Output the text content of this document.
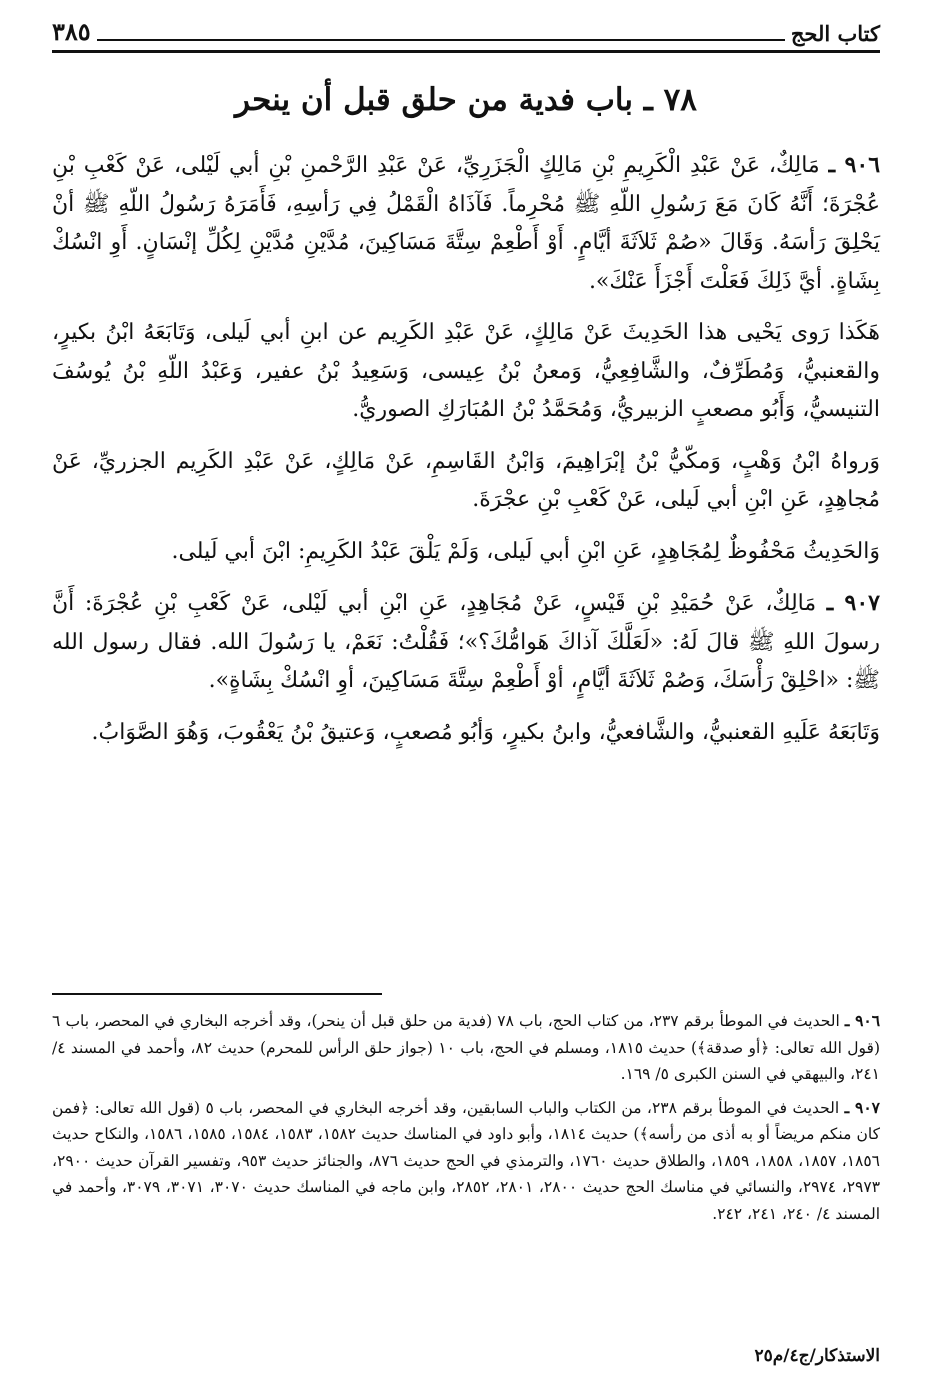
كتاب الحج
٣٨٥
٧٨ ـ باب فدية من حلق قبل أن ينحر

٩٠٦ ـ مَالِكٌ، عَنْ عَبْدِ الْكَرِيمِ بْنِ مَالِكٍ الْجَزَرِيِّ، عَنْ عَبْدِ الرَّحْمنِ بْنِ أبي لَيْلى، عَنْ كَعْبِ بْنِ عُجْرَةَ؛ أَنَّهُ كَانَ مَعَ رَسُولِ اللّهِ ﷺ مُحْرِماً. فَآذَاهُ الْقَمْلُ فِي رَأسِهِ، فَأَمَرَهُ رَسُولُ اللّهِ ﷺ أنْ يَحْلِقَ رَأسَهُ. وَقَالَ «صُمْ ثَلاَثَةَ أيَّامٍ. أَوْ أَطْعِمْ سِتَّةَ مَسَاكِينَ، مُدَّيْنِ مُدَّيْنِ لِكُلِّ إنْسَانٍ. أَوِ انْسُكْ بِشَاةٍ. أيَّ ذَلِكَ فَعَلْتَ أَجْزَأَ عَنْكَ».

هَكَذا رَوى يَحْيى هذا الحَدِيثَ عَنْ مَالِكٍ، عَنْ عَبْدِ الكَرِيم عن ابنِ أبي لَيلى، وَتَابَعَهُ ابْنُ بكيرٍ، والقعنبيُّ، وَمُطَرِّفٌ، والشَّافِعِيُّ، وَمعنُ بْنُ عِيسى، وَسَعِيدُ بْنُ عفير، وَعَبْدُ اللّهِ بْنُ يُوسُفَ التنيسيُّ، وَأَبُو مصعبٍ الزبيريُّ، وَمُحَمَّدُ بْنُ المُبَارَكِ الصوريُّ.

وَرواهُ ابْنُ وَهْبٍ، وَمكّيُّ بْنُ إبْرَاهِيمَ، وَابْنُ القَاسِمِ، عَنْ مَالِكٍ، عَنْ عَبْدِ الكَرِيم الجزريِّ، عَنْ مُجاهِدٍ، عَنِ ابْنِ أبي لَيلى، عَنْ كَعْبِ بْنِ عجْرَةَ.

وَالحَدِيثُ مَحْفُوظٌ لِمُجَاهِدٍ، عَنِ ابْنِ أبي لَيلى، وَلَمْ يَلْقَ عَبْدُ الكَرِيمِ: ابْنَ أبي لَيلى.

٩٠٧ ـ مَالِكٌ، عَنْ حُمَيْدِ بْنِ قَيْسٍ، عَنْ مُجَاهِدٍ، عَنِ ابْنِ أبي لَيْلى، عَنْ كَعْبِ بْنِ عُجْرَةَ: أَنَّ رسولَ اللهِ ﷺ قالَ لَهُ: «لَعَلَّكَ آذاكَ هَوامُّكَ؟»؛ فَقُلْتُ: نَعَمْ، يا رَسُولَ الله. فقال رسول الله ﷺ: «احْلِقْ رَأْسَكَ، وَصُمْ ثَلاَثَةَ أيَّامٍ، أوْ أَطْعِمْ سِتَّةَ مَسَاكِينَ، أوِ انْسُكْ بِشَاةٍ».

وَتَابَعَهُ عَلَيهِ القعنبيُّ، والشَّافعيُّ، وابنُ بكيرٍ، وَأبُو مُصعبٍ، وَعتيقُ بْنُ يَعْقُوبَ، وَهُوَ الصَّوَابُ.

٩٠٦ ـ الحديث في الموطأ برقم ٢٣٧، من كتاب الحج، باب ٧٨ (فدية من حلق قبل أن ينحر)، وقد أخرجه البخاري في المحصر، باب ٦ (قول الله تعالى: ﴿أو صدقة﴾) حديث ١٨١٥، ومسلم في الحج، باب ١٠ (جواز حلق الرأس للمحرم) حديث ٨٢، وأحمد في المسند ٤/ ٢٤١، والبيهقي في السنن الكبرى ٥/ ١٦٩.

٩٠٧ ـ الحديث في الموطأ برقم ٢٣٨، من الكتاب والباب السابقين، وقد أخرجه البخاري في المحصر، باب ٥ (قول الله تعالى: ﴿فمن كان منكم مريضاً أو به أذى من رأسه﴾) حديث ١٨١٤، وأبو داود في المناسك حديث ١٥٨٢، ١٥٨٣، ١٥٨٤، ١٥٨٥، ١٥٨٦، والنكاح حديث ١٨٥٦، ١٨٥٧، ١٨٥٨، ١٨٥٩، والطلاق حديث ١٧٦٠، والترمذي في الحج حديث ٨٧٦، والجنائز حديث ٩٥٣، وتفسير القرآن حديث ٢٩٠٠، ٢٩٧٣، ٢٩٧٤، والنسائي في مناسك الحج حديث ٢٨٠٠، ٢٨٠١، ٢٨٥٢، وابن ماجه في المناسك حديث ٣٠٧٠، ٣٠٧١، ٣٠٧٩، وأحمد في المسند ٤/ ٢٤٠، ٢٤١، ٢٤٢.

الاستذكار/ج٤/م٢٥
